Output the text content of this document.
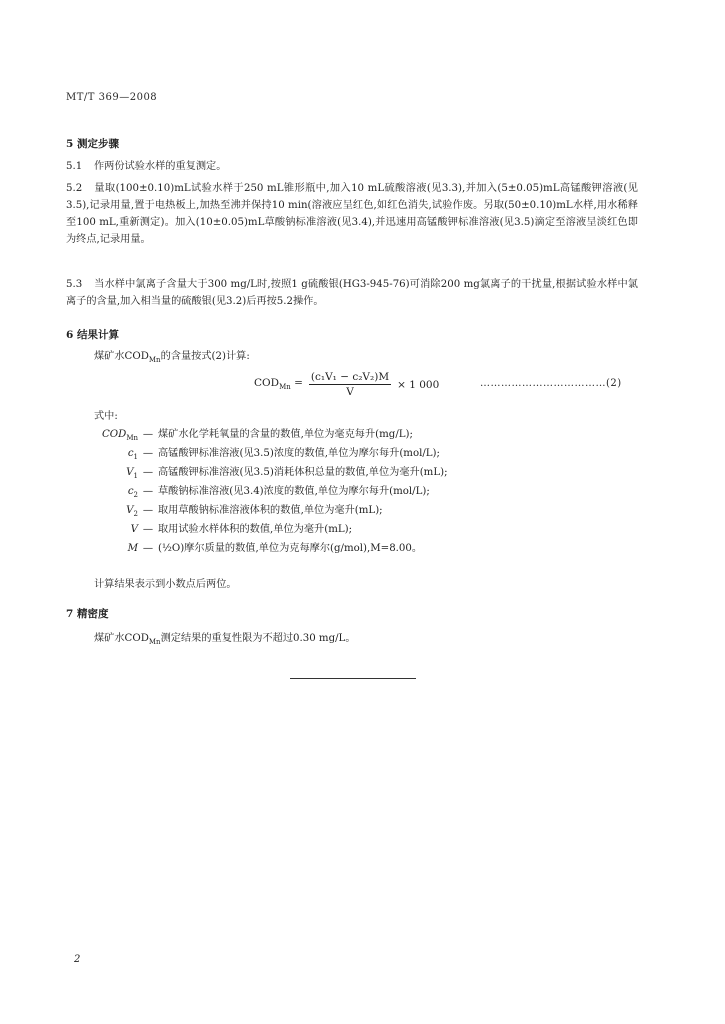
MT/T 369—2008
5 测定步骤
5.1 作两份试验水样的重复测定。
5.2 量取(100±0.10)mL试验水样于250 mL锥形瓶中,加入10 mL硫酸溶液(见3.3),并加入(5±0.05)mL高锰酸钾溶液(见3.5),记录用量,置于电热板上,加热至沸并保持10 min(溶液应呈红色,如红色消失,试验作废。另取(50±0.10)mL水样,用水稀释至100 mL,重新测定)。加入(10±0.05)mL草酸钠标准溶液(见3.4),并迅速用高锰酸钾标准溶液(见3.5)滴定至溶液呈淡红色即为终点,记录用量。
5.3 当水样中氯离子含量大于300 mg/L时,按照1 g硫酸银(HG3-945-76)可消除200 mg氯离子的干扰量,根据试验水样中氯离子的含量,加入相当量的硫酸银(见3.2)后再按5.2操作。
6 结果计算
煤矿水$COD_{Mn}$的含量按式(2)计算:
$COD_{Mn} = \frac{\text{(c₁V₁ − c₂V₂)M}}{V} \times 1$ 000	………………………………(2)
式中:
$COD_{Mn}$ — 煤矿水化学耗氧量的含量的数值,单位为毫克每升(mg/L);
$c_1$ — 高锰酸钾标准溶液(见3.5)浓度的数值,单位为摩尔每升(mol/L);
$V_1$ — 高锰酸钾标准溶液(见3.5)消耗体积总量的数值,单位为毫升(mL);
$c_2$ — 草酸钠标准溶液(见3.4)浓度的数值,单位为摩尔每升(mol/L);
$V_2$ — 取用草酸钠标准溶液体积的数值,单位为毫升(mL);
V — 取用试验水样体积的数值,单位为毫升(mL);
M — (½O)摩尔质量的数值,单位为克每摩尔(g/mol),M=8.00。
计算结果表示到小数点后两位。
7 精密度
煤矿水$COD_{Mn}$测定结果的重复性限为不超过0.30 mg/L。
2
